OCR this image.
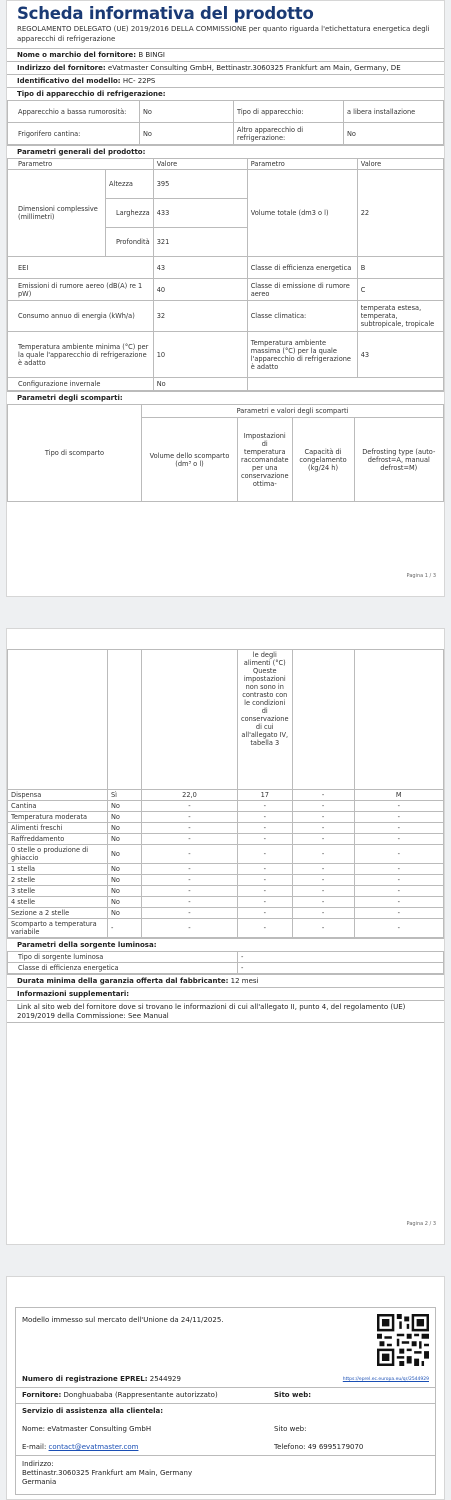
Scheda informativa del prodotto
REGOLAMENTO DELEGATO (UE) 2019/2016 DELLA COMMISSIONE per quanto riguarda l'etichettatura energetica degli apparecchi di refrigerazione
Nome o marchio del fornitore: B BINGI
Indirizzo del fornitore: eVatmaster Consulting GmbH, Bettinastr.3060325 Frankfurt am Main, Germany, DE
Identificativo del modello: HC- 22PS
Tipo di apparecchio di refrigerazione:
Apparecchio a bassa rumorosità:	No	Tipo di apparecchio:	a libera installazione
Frigorifero cantina:	No	Altro apparecchio di refrigerazione:	No
Parametri generali del prodotto:
Parametro		Valore	Parametro	Valore
Dimensioni complessive (millimetri)	Altezza	395	Volume totale (dm3 o l)	22
	Larghezza	433		
	Profondità	321		
EEI		43	Classe di efficienza energetica	B
Emissioni di rumore aereo (dB(A) re 1 pW)		40	Classe di emissione di rumore aereo	C
Consumo annuo di energia (kWh/a)		32	Classe climatica:	temperata estesa, temperata, subtropicale, tropicale
Temperatura ambiente minima (°C) per la quale l'apparecchio di refrigerazione è adatto		10	Temperatura ambiente massima (°C) per la quale l'apparecchio di refrigerazione è adatto	43
Configurazione invernale		No		
Parametri degli scomparti:
Tipo di scomparto	Parametri e valori degli scomparti			
	Volume dello scomparto (dm³ o l)	Impostazioni di temperatura raccomandate per una conservazione ottima-	Capacità di congelamento (kg/24 h)	Defrosting type (auto-defrost=A, manual defrost=M)
Pagina 1 / 3
			le degli alimenti (°C) Queste impostazioni non sono in contrasto con le condizioni di conservazione di cui all'allegato IV, tabella 3		
Dispensa	Sì	22,0	17	-	M
Cantina	No	-	-	-	-
Temperatura moderata	No	-	-	-	-
Alimenti freschi	No	-	-	-	-
Raffreddamento	No	-	-	-	-
0 stelle o produzione di ghiaccio	No	-	-	-	-
1 stella	No	-	-	-	-
2 stelle	No	-	-	-	-
3 stelle	No	-	-	-	-
4 stelle	No	-	-	-	-
Sezione a 2 stelle	No	-	-	-	-
Scomparto a temperatura variabile	-	-	-	-	-
Parametri della sorgente luminosa:
Tipo di sorgente luminosa	-
Classe di efficienza energetica	-
Durata minima della garanzia offerta dal fabbricante: 12 mesi
Informazioni supplementari:
Link al sito web del fornitore dove si trovano le informazioni di cui all'allegato II, punto 4, del regolamento (UE) 2019/2019 della Commissione: See Manual
Pagina 2 / 3
Modello immesso sul mercato dell'Unione da 24/11/2025.
Numero di registrazione EPREL: 2544929	https://eprel.ec.europa.eu/qr/2544929
Fornitore: Donghuababa (Rappresentante autorizzato)	Sito web:
Servizio di assistenza alla clientela:
Nome: eVatmaster Consulting GmbH	Sito web:
E-mail: contact@evatmaster.com	Telefono: 49 6995179070
Indirizzo:
Bettinastr.3060325 Frankfurt am Main, Germany
Germania
